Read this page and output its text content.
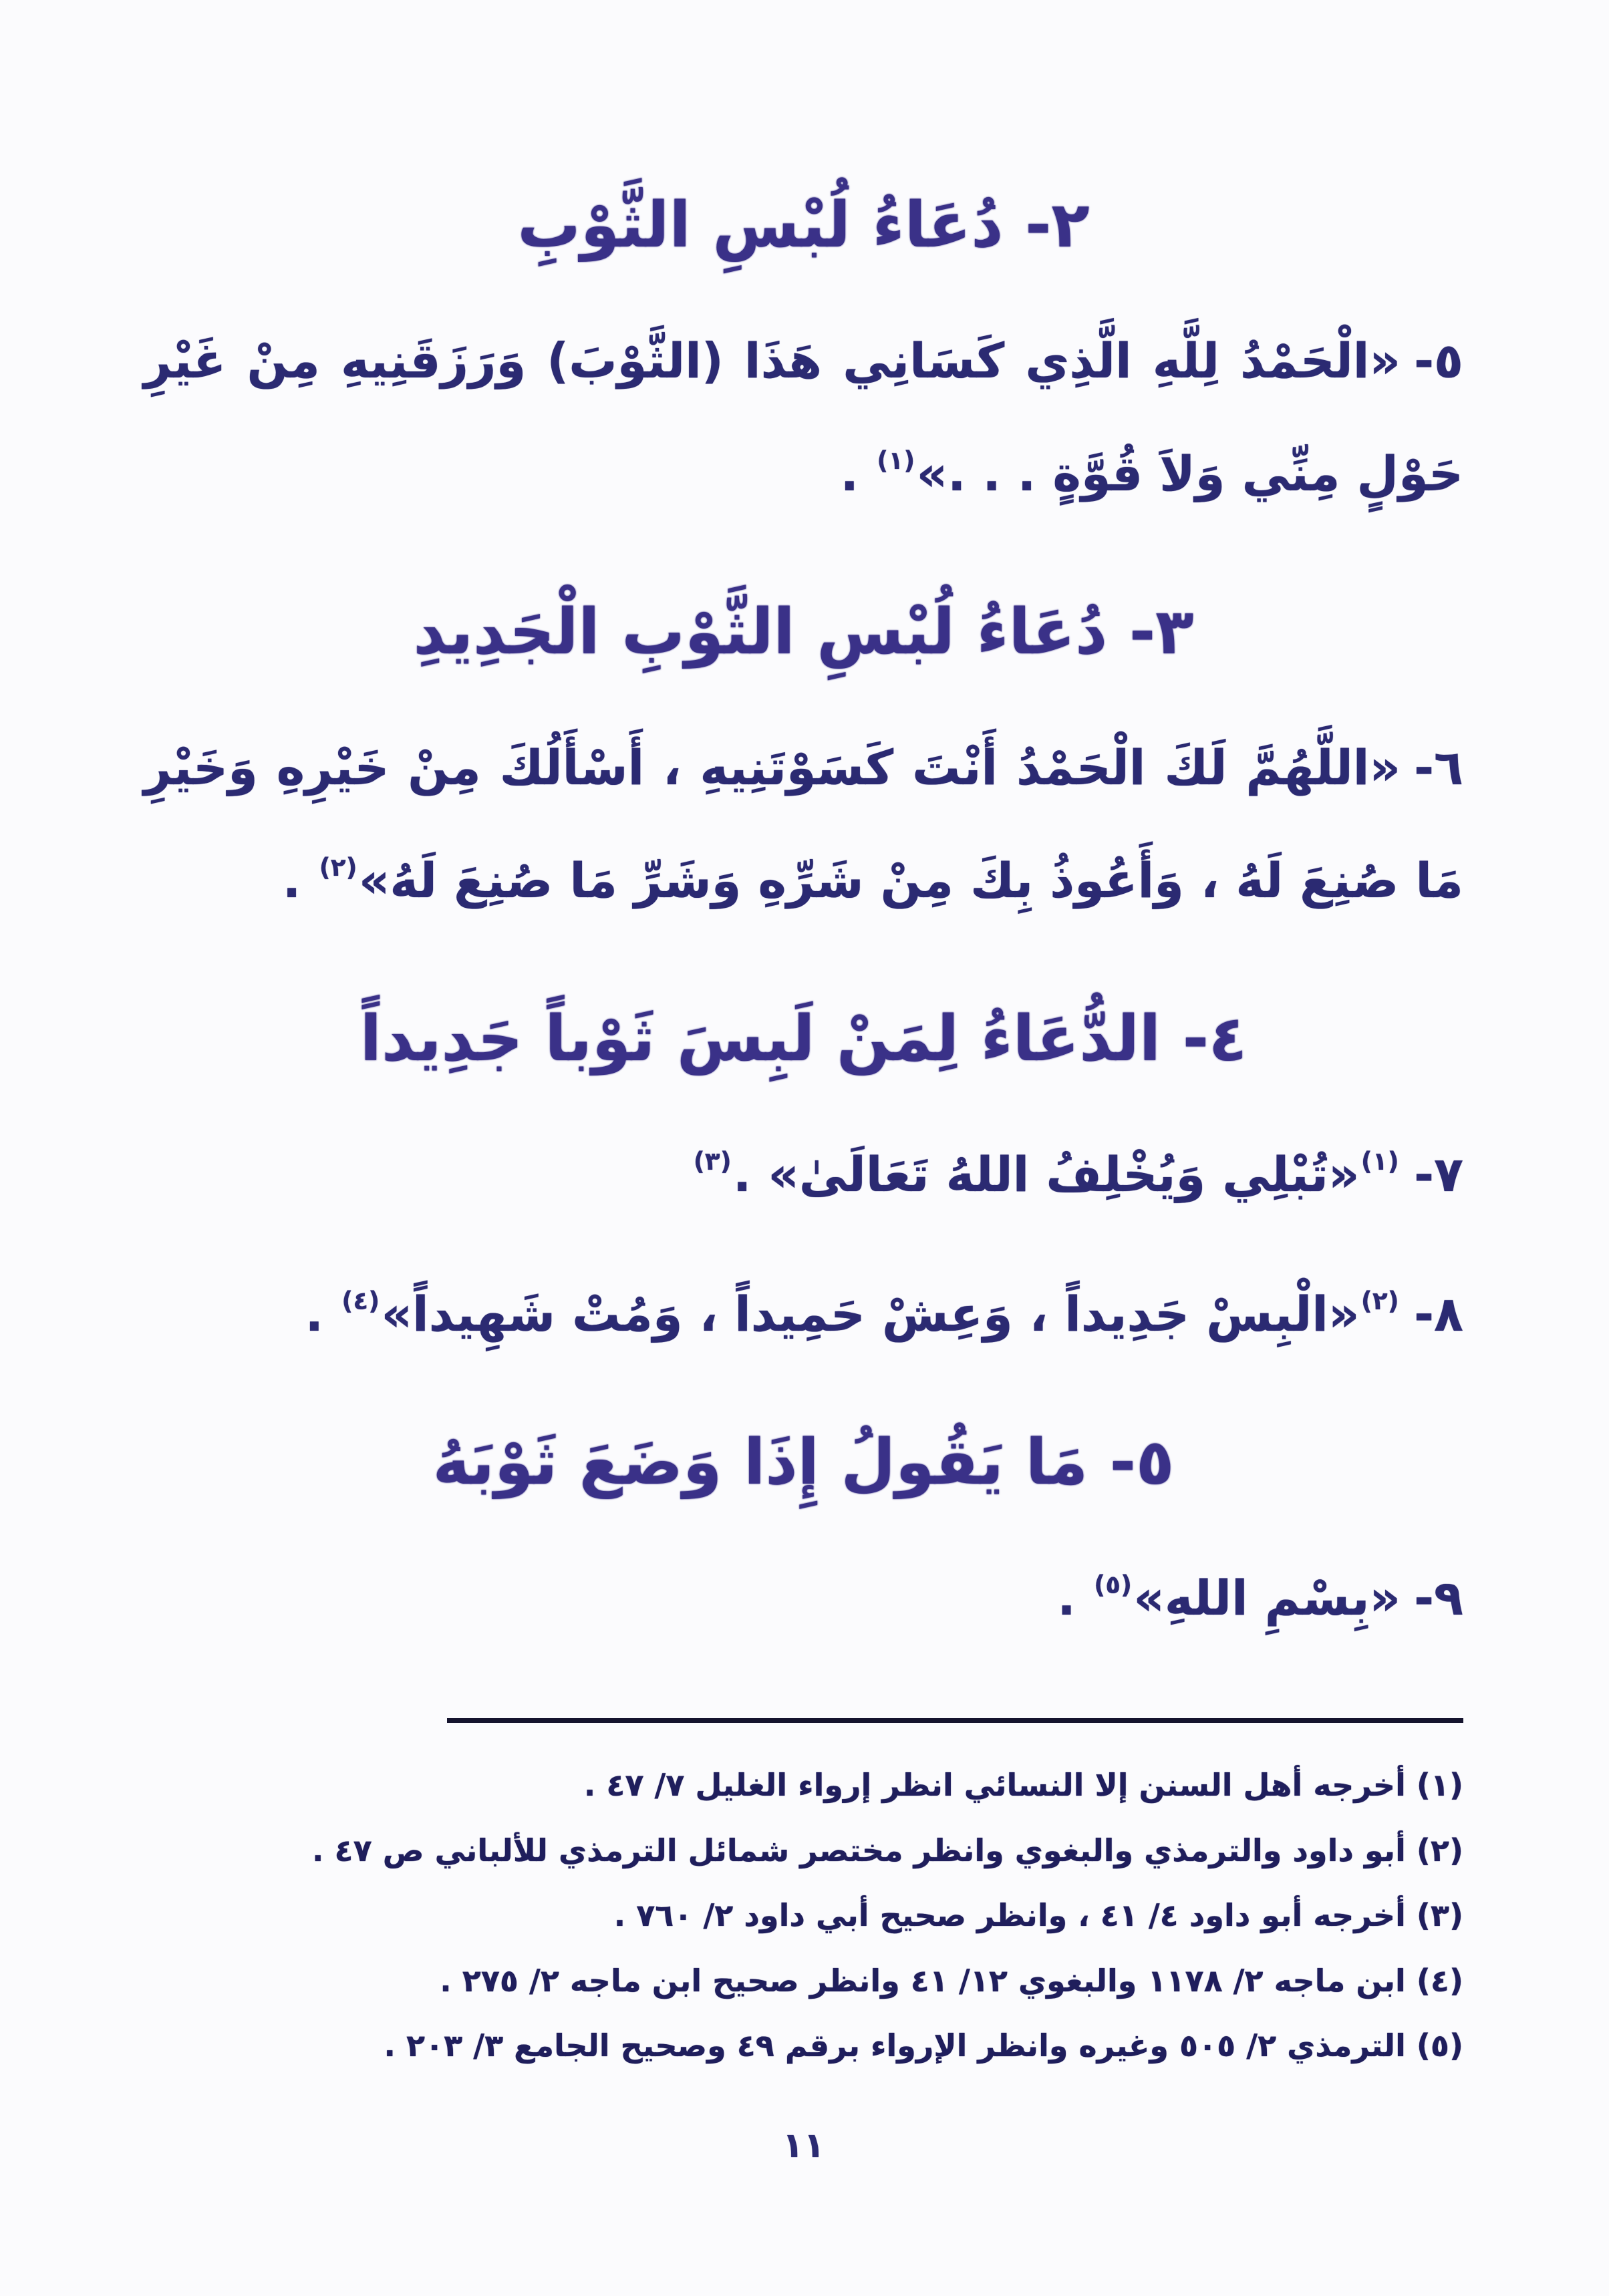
٢- دُعَاءُ لُبْسِ الثَّوْبِ

٥-«الْحَمْدُ لِلَّهِ الَّذِي كَسَانِي هَذَا (الثَّوْبَ) وَرَزَقَنِيهِ مِنْ غَيْرِ حَوْلٍ مِنِّي وَلاَ قُوَّةٍ . . .»$^{(١)}$ .

٣- دُعَاءُ لُبْسِ الثَّوْبِ الْجَدِيدِ

٦-«اللَّهُمَّ لَكَ الْحَمْدُ أَنْتَ كَسَوْتَنِيهِ ، أَسْأَلُكَ مِنْ خَيْرِهِ وَخَيْرِ مَا صُنِعَ لَهُ ، وَأَعُوذُ بِكَ مِنْ شَرِّهِ وَشَرِّ مَا صُنِعَ لَهُ»$^{(٢)}$ .

٤- الدُّعَاءُ لِمَنْ لَبِسَ ثَوْباً جَدِيداً

٧-$^{(١)}$«تُبْلِي وَيُخْلِفُ اللهُ تَعَالَىٰ» .$^{(٣)}$

٨-$^{(٢)}$«الْبِسْ جَدِيداً ، وَعِشْ حَمِيداً ، وَمُتْ شَهِيداً»$^{(٤)}$ .

٥- مَا يَقُولُ إِذَا وَضَعَ ثَوْبَهُ

٩-«بِسْمِ اللهِ»$^{(٥)}$ .

(١) أخرجه أهل السنن إلا النسائي انظر إرواء الغليل ٧/ ٤٧ .

(٢) أبو داود والترمذي والبغوي وانظر مختصر شمائل الترمذي للألباني ص ٤٧ .

(٣) أخرجه أبو داود ٤/ ٤١ ، وانظر صحيح أبي داود ٢/ ٧٦٠ .

(٤) ابن ماجه ٢/ ١١٧٨ والبغوي ١٢/ ٤١ وانظر صحيح ابن ماجه ٢/ ٢٧٥ .

(٥) الترمذي ٢/ ٥٠٥ وغيره وانظر الإرواء برقم ٤٩ وصحيح الجامع ٣/ ٢٠٣ .

١١
